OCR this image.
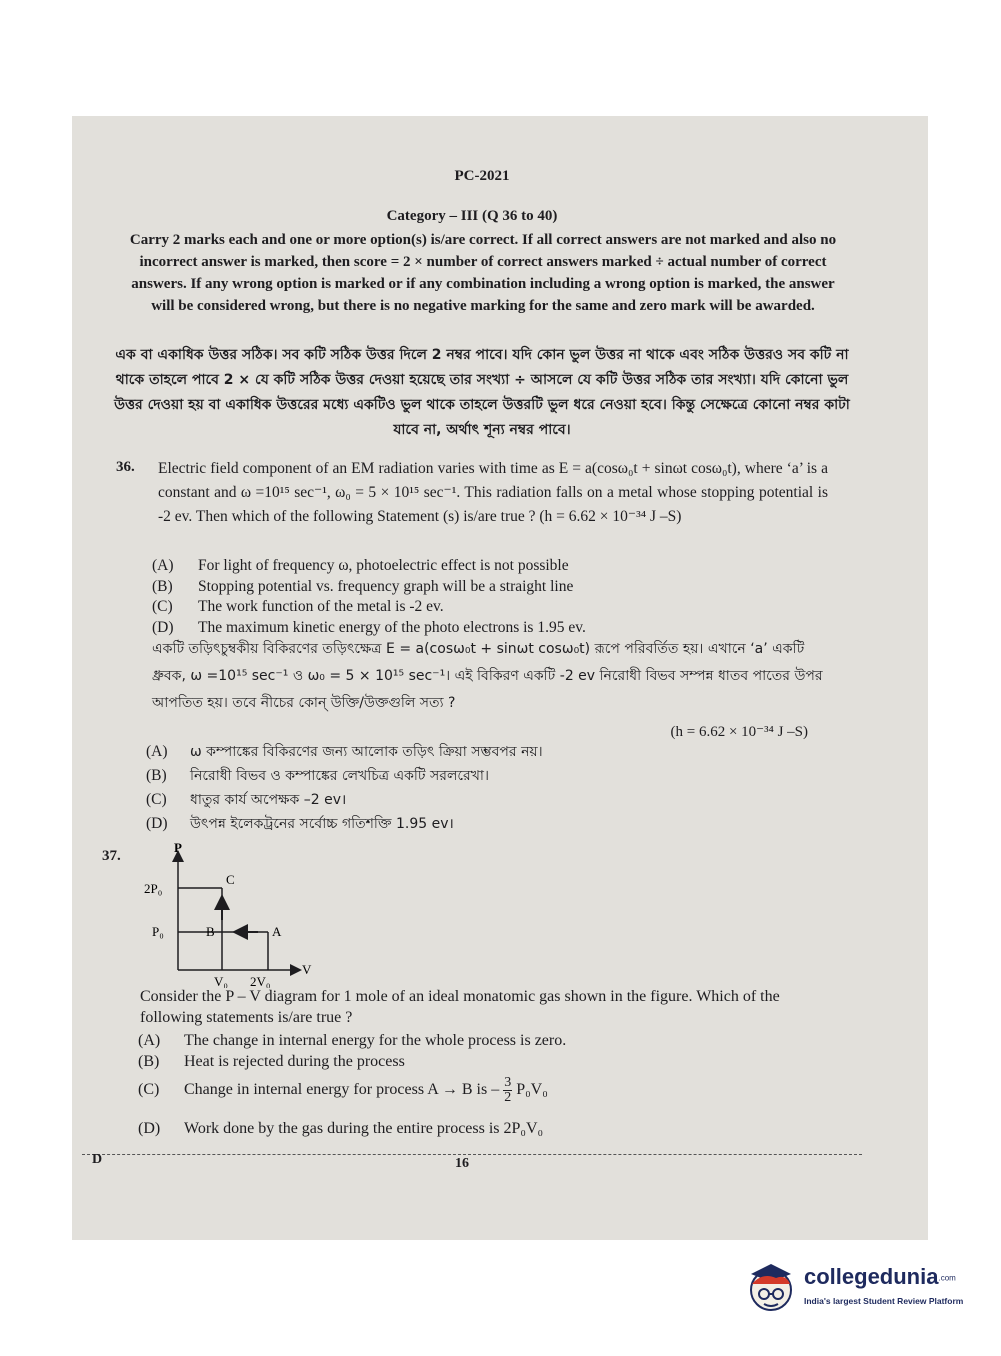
PC-2021
Category – III (Q 36 to 40)
Carry 2 marks each and one or more option(s) is/are correct. If all correct answers are not marked and also no incorrect answer is marked, then score = 2 × number of correct answers marked ÷ actual number of correct answers. If any wrong option is marked or if any combination including a wrong option is marked, the answer will be considered wrong, but there is no negative marking for the same and zero mark will be awarded.
এক বা একাধিক উত্তর সঠিক। সব কটি সঠিক উত্তর দিলে 2 নম্বর পাবে। যদি কোন ভুল উত্তর না থাকে এবং সঠিক উত্তরও সব কটি না থাকে তাহলে পাবে 2 × যে কটি সঠিক উত্তর দেওয়া হয়েছে তার সংখ্যা ÷ আসলে যে কটি উত্তর সঠিক তার সংখ্যা। যদি কোনো ভুল উত্তর দেওয়া হয় বা একাধিক উত্তরের মধ্যে একটিও ভুল থাকে তাহলে উত্তরটি ভুল ধরে নেওয়া হবে। কিন্তু সেক্ষেত্রে কোনো নম্বর কাটা যাবে না, অর্থাৎ শূন্য নম্বর পাবে।
36. Electric field component of an EM radiation varies with time as E = a(cosω₀t + sinωt cosω₀t), where ‘a’ is a constant and ω =10¹⁵ sec⁻¹, ω₀ = 5 × 10¹⁵ sec⁻¹. This radiation falls on a metal whose stopping potential is -2 ev. Then which of the following Statement (s) is/are true ? (h = 6.62 × 10⁻³⁴ J –S)
(A) For light of frequency ω, photoelectric effect is not possible
(B) Stopping potential vs. frequency graph will be a straight line
(C) The work function of the metal is -2 ev.
(D) The maximum kinetic energy of the photo electrons is 1.95 ev.
একটি তড়িৎচুম্বকীয় বিকিরণের তড়িৎক্ষেত্র E = a(cosω₀t + sinωt cosω₀t) রূপে পরিবর্তিত হয়। এখানে ‘a’ একটি ধ্রুবক, ω =10¹⁵ sec⁻¹ ও ω₀ = 5 × 10¹⁵ sec⁻¹। এই বিকিরণ একটি -2 ev নিরোধী বিভব সম্পন্ন ধাতব পাতের উপর আপতিত হয়। তবে নীচের কোন্ উক্তি/উক্তগুলি সত্য ?
(h = 6.62 × 10⁻³⁴ J –S)
(A) ω কম্পাঙ্কের বিকিরণের জন্য আলোক তড়িৎ ক্রিয়া সম্ভবপর নয়।
(B) নিরোধী বিভব ও কম্পাঙ্কের লেখচিত্র একটি সরলরেখা।
(C) ধাতুর কার্য অপেক্ষক –2 ev।
(D) উৎপন্ন ইলেকট্রনের সর্বোচ্চ গতিশক্তি 1.95 ev।
37.
P
V
2P₀
P₀
V₀ 2V₀
C
B	A
Consider the P – V diagram for 1 mole of an ideal monatomic gas shown in the figure. Which of the following statements is/are true ?
(A) The change in internal energy for the whole process is zero.
(B) Heat is rejected during the process
(C) Change in internal energy for process A → B is – $\frac{3}{2} P_0V_0$
(D) Work done by the gas during the entire process is 2P₀V₀
D	16
collegedunia.com
India's largest Student Review Platform
